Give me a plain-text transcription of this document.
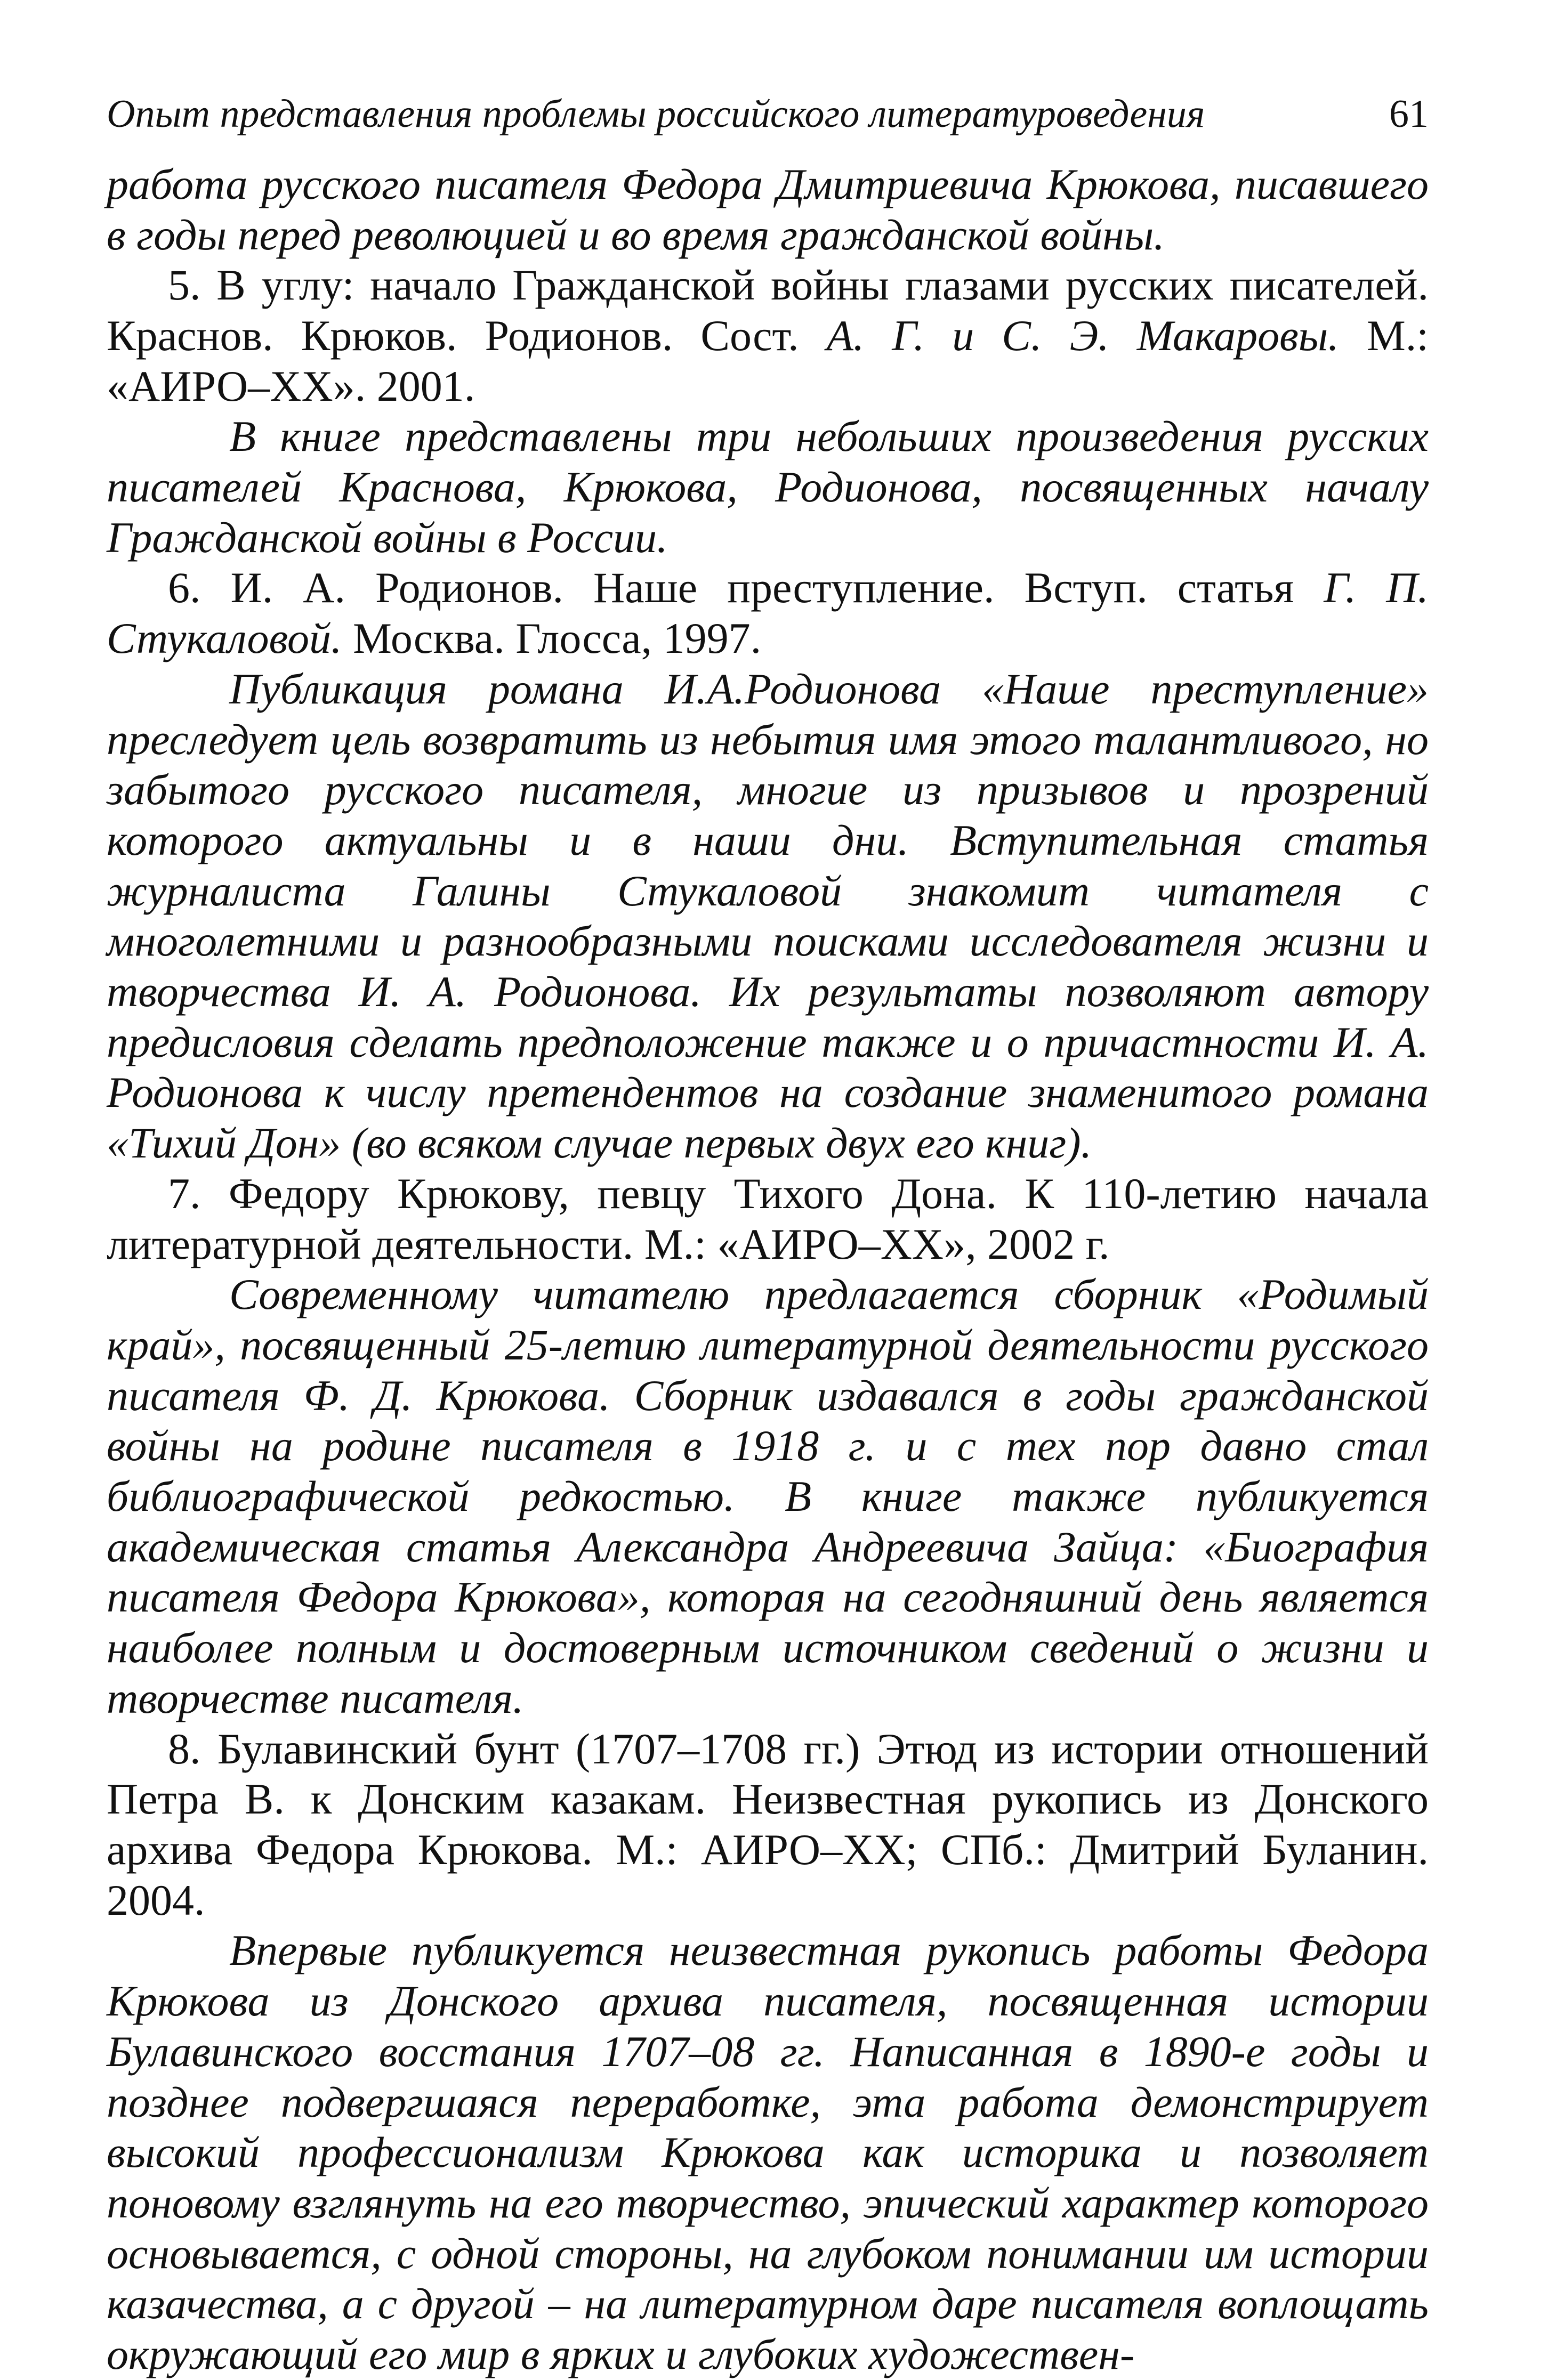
Опыт представления проблемы российского литературоведения	61

работа русского писателя Федора Дмитриевича Крюкова, писавшего в годы перед революцией и во время гражданской войны.

5. В углу: начало Гражданской войны глазами русских писателей. Краснов. Крюков. Родионов. Сост. А. Г. и С. Э. Макаровы. М.: «АИРО–ХХ». 2001.

В книге представлены три небольших произведения русских писателей Краснова, Крюкова, Родионова, посвященных началу Гражданской войны в России.

6. И. А. Родионов. Наше преступление. Вступ. статья Г. П. Стукаловой. Москва. Глосса, 1997.

Публикация романа И.А.Родионова «Наше преступление» преследует цель возвратить из небытия имя этого талантливого, но забытого русского писателя, многие из призывов и прозрений которого актуальны и в наши дни. Вступительная статья журналиста Галины Стукаловой знакомит читателя с многолетними и разнообразными поисками исследователя жизни и творчества И. А. Родионова. Их результаты позволяют автору предисловия сделать предположение также и о причастности И. А. Родионова к числу претендентов на создание знаменитого романа «Тихий Дон» (во всяком случае первых двух его книг).

7. Федору Крюкову, певцу Тихого Дона. К 110-летию начала литературной деятельности. М.: «АИРО–ХХ», 2002 г.

Современному читателю предлагается сборник «Родимый край», посвященный 25-летию литературной деятельности русского писателя Ф. Д. Крюкова. Сборник издавался в годы гражданской войны на родине писателя в 1918 г. и с тех пор давно стал библиографической редкостью. В книге также публикуется академическая статья Александра Андреевича Зайца: «Биография писателя Федора Крюкова», которая на сегодняшний день является наиболее полным и достоверным источником сведений о жизни и творчестве писателя.

8. Булавинский бунт (1707–1708 гг.) Этюд из истории отношений Петра В. к Донским казакам. Неизвестная рукопись из Донского архива Федора Крюкова. М.: АИРО–ХХ; СПб.: Дмитрий Буланин. 2004.

Впервые публикуется неизвестная рукопись работы Федора Крюкова из Донского архива писателя, посвященная истории Булавинского восстания 1707–08 гг. Написанная в 1890-е годы и позднее подвергшаяся переработке, эта работа демонстрирует высокий профессионализм Крюкова как историка и позволяет поновому взглянуть на его творчество, эпический характер которого основывается, с одной стороны, на глубоком понимании им истории казачества, а с другой – на литературном даре писателя воплощать окружающий его мир в ярких и глубоких художествен-
